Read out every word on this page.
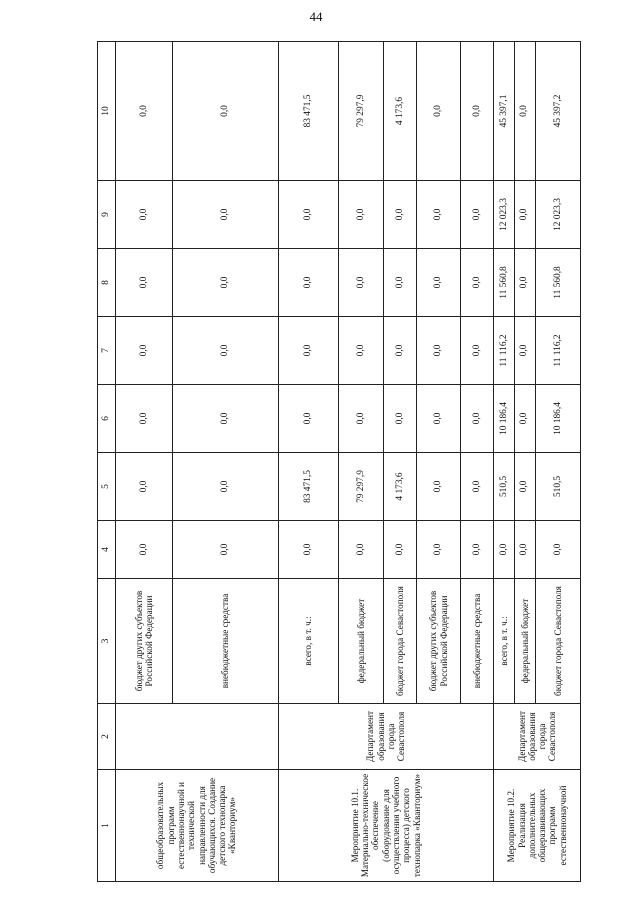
44
1	2	3	4	5	6	7	8	9	10
общеобразовательных программ естественнонаучной и технической направленности для обучающихся. Создание детского технопарка «Кванториум»		бюджет других субъектов Российской Федерации	0,0	0,0	0,0	0,0	0,0	0,0	0,0
		внебюджетные средства	0,0	0,0	0,0	0,0	0,0	0,0	0,0
Мероприятие 10.1. Материально-техническое обеспечение (оборудование для осуществления учебного процесса) детского технопарка «Кванториум»	Департамент образования города Севастополя	всего, в т. ч.:	0,0	83 471,5	0,0	0,0	0,0	0,0	83 471,5
		федеральный бюджет	0,0	79 297,9	0,0	0,0	0,0	0,0	79 297,9
		бюджет города Севастополя	0,0	4 173,6	0,0	0,0	0,0	0,0	4 173,6
		бюджет других субъектов Российской Федерации	0,0	0,0	0,0	0,0	0,0	0,0	0,0
		внебюджетные средства	0,0	0,0	0,0	0,0	0,0	0,0	0,0
Мероприятие 10.2. Реализация дополнительных общеразвивающих программ естественнонаучной	Департамент образования города Севастополя	всего, в т. ч.:	0,0	510,5	10 186,4	11 116,2	11 560,8	12 023,3	45 397,1
		федеральный бюджет	0,0	0,0	0,0	0,0	0,0	0,0	0,0
		бюджет города Севастополя	0,0	510,5	10 186,4	11 116,2	11 560,8	12 023,3	45 397,2
